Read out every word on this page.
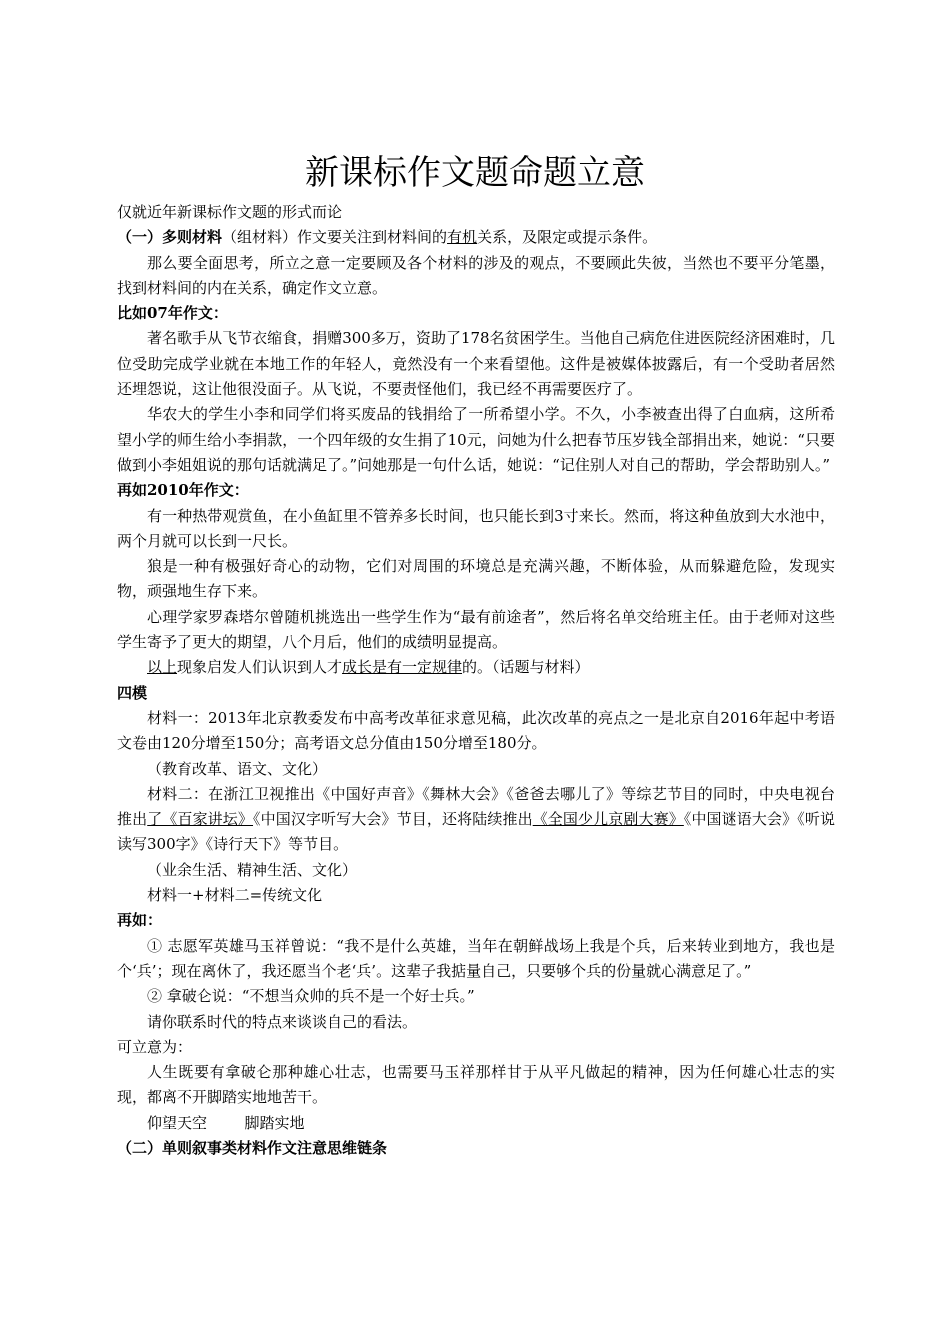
新课标作文题命题立意

仅就近年新课标作文题的形式而论

（一）多则材料（组材料）作文要关注到材料间的有机关系，及限定或提示条件。

那么要全面思考，所立之意一定要顾及各个材料的涉及的观点，不要顾此失彼，当然也不要平分笔墨，找到材料间的内在关系，确定作文立意。

比如07年作文：

著名歌手从飞节衣缩食，捐赠300多万，资助了178名贫困学生。当他自己病危住进医院经济困难时，几位受助完成学业就在本地工作的年轻人，竟然没有一个来看望他。这件是被媒体披露后，有一个受助者居然还埋怨说，这让他很没面子。从飞说，不要责怪他们，我已经不再需要医疗了。

华农大的学生小李和同学们将买废品的钱捐给了一所希望小学。不久，小李被查出得了白血病，这所希望小学的师生给小李捐款，一个四年级的女生捐了10元，问她为什么把春节压岁钱全部捐出来，她说：“只要做到小李姐姐说的那句话就满足了。”问她那是一句什么话，她说：“记住别人对自己的帮助，学会帮助别人。”

再如2010年作文：

有一种热带观赏鱼，在小鱼缸里不管养多长时间，也只能长到3寸来长。然而，将这种鱼放到大水池中，两个月就可以长到一尺长。

狼是一种有极强好奇心的动物，它们对周围的环境总是充满兴趣，不断体验，从而躲避危险，发现实物，顽强地生存下来。

心理学家罗森塔尔曾随机挑选出一些学生作为“最有前途者”，然后将名单交给班主任。由于老师对这些学生寄予了更大的期望，八个月后，他们的成绩明显提高。

以上现象启发人们认识到人才成长是有一定规律的。（话题与材料）

四模

材料一：2013年北京教委发布中高考改革征求意见稿，此次改革的亮点之一是北京自2016年起中考语文卷由120分增至150分；高考语文总分值由150分增至180分。

（教育改革、语文、文化）

材料二：在浙江卫视推出《中国好声音》《舞林大会》《爸爸去哪儿了》等综艺节目的同时，中央电视台推出了《百家讲坛》《中国汉字听写大会》节目，还将陆续推出《全国少儿京剧大赛》《中国谜语大会》《听说读写300字》《诗行天下》等节目。

（业余生活、精神生活、文化）

材料一+材料二=传统文化

再如：

① 志愿军英雄马玉祥曾说：“我不是什么英雄，当年在朝鲜战场上我是个兵，后来转业到地方，我也是个‘兵’；现在离休了，我还愿当个老‘兵’。这辈子我掂量自己，只要够个兵的份量就心满意足了。”

② 拿破仑说：“不想当众帅的兵不是一个好士兵。”

请你联系时代的特点来谈谈自己的看法。

可立意为：

人生既要有拿破仑那种雄心壮志，也需要马玉祥那样甘于从平凡做起的精神，因为任何雄心壮志的实现，都离不开脚踏实地地苦干。

仰望天空	脚踏实地

（二）单则叙事类材料作文注意思维链条
